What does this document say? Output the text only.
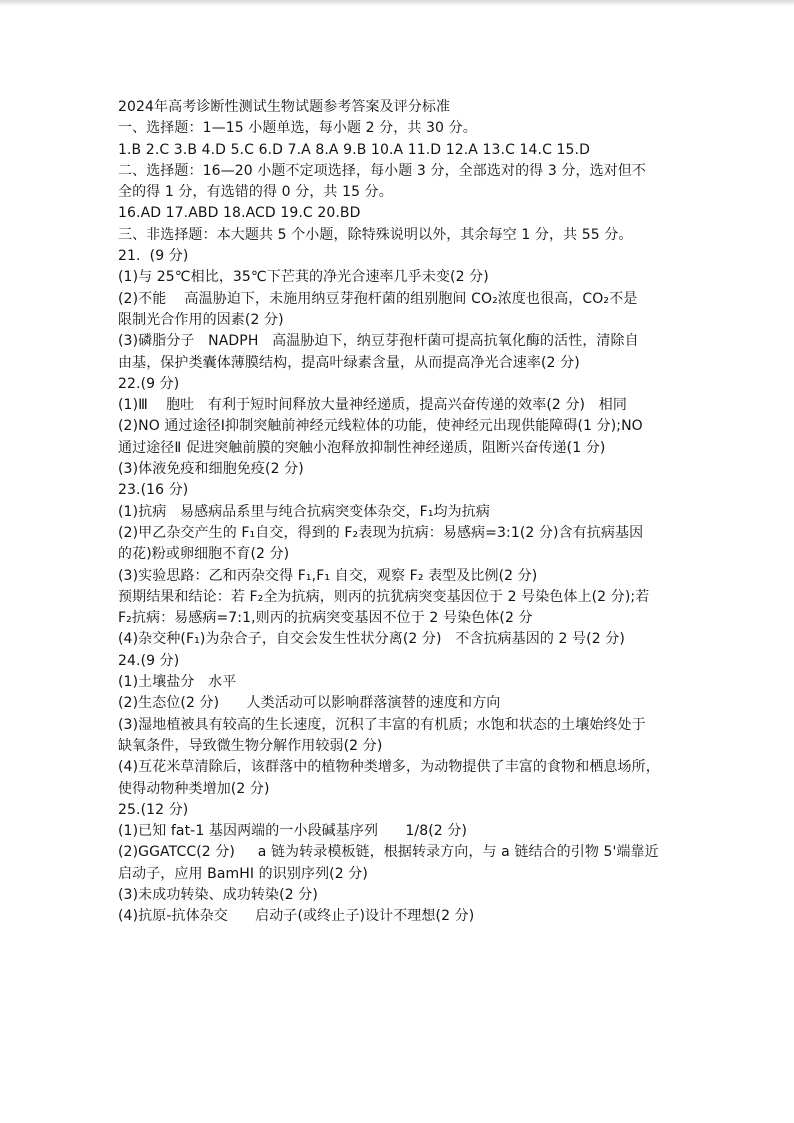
2024年高考诊断性测试生物试题参考答案及评分标准
一、选择题：1—15 小题单选，每小题 2 分，共 30 分。
1.B 2.C 3.B 4.D 5.C 6.D 7.A 8.A 9.B 10.A 11.D 12.A 13.C 14.C 15.D
二、选择题：16—20 小题不定项选择，每小题 3 分，全部选对的得 3 分，选对但不
全的得 1 分，有选错的得 0 分，共 15 分。
16.AD 17.ABD 18.ACD 19.C 20.BD
三、非选择题：本大题共 5 个小题，除特殊说明以外，其余每空 1 分，共 55 分。
21.  (9 分)
(1)与 25℃相比，35℃下芒萁的净光合速率几乎未变(2 分)
(2)不能    高温胁迫下，未施用纳豆芽孢杆菌的组别胞间 CO₂浓度也很高，CO₂不是
限制光合作用的因素(2 分)
(3)磷脂分子   NADPH   高温胁迫下，纳豆芽孢杆菌可提高抗氧化酶的活性，清除自
由基，保护类囊体薄膜结构，提高叶绿素含量，从而提高净光合速率(2 分)
22.(9 分)
(1)Ⅲ    胞吐   有利于短时间释放大量神经递质，提高兴奋传递的效率(2 分)   相同
(2)NO 通过途径Ⅰ抑制突触前神经元线粒体的功能，使神经元出现供能障碍(1 分);NO
通过途径Ⅱ 促进突触前膜的突触小泡释放抑制性神经递质，阻断兴奋传递(1 分)
(3)体液免疫和细胞免疫(2 分)
23.(16 分)
(1)抗病   易感病品系里与纯合抗病突变体杂交，F₁均为抗病
(2)甲乙杂交产生的 F₁自交，得到的 F₂表现为抗病：易感病=3:1(2 分)含有抗病基因
的花)粉或卵细胞不育(2 分)
(3)实验思路：乙和丙杂交得 F₁,F₁ 自交，观察 F₂ 表型及比例(2 分)
预期结果和结论：若 F₂全为抗病，则丙的抗犹病突变基因位于 2 号染色体上(2 分);若
F₂抗病：易感病=7:1,则丙的抗病突变基因不位于 2 号染色体(2 分
(4)杂交种(F₁)为杂合子，自交会发生性状分离(2 分)   不含抗病基因的 2 号(2 分)
24.(9 分)
(1)土壤盐分   水平
(2)生态位(2 分)      人类活动可以影响群落演替的速度和方向
(3)湿地植被具有较高的生长速度，沉积了丰富的有机质；水饱和状态的土壤始终处于
缺氧条件，导致微生物分解作用较弱(2 分)
(4)互花米草清除后，该群落中的植物种类增多，为动物提供了丰富的食物和栖息场所，
使得动物种类增加(2 分)
25.(12 分)
(1)已知 fat-1 基因两端的一小段碱基序列      1/8(2 分)
(2)GGATCC(2 分)     a 链为转录模板链，根据转录方向，与 a 链结合的引物 5'端靠近
启动子，应用 BamHI 的识别序列(2 分)
(3)未成功转染、成功转染(2 分)
(4)抗原-抗体杂交      启动子(或终止子)设计不理想(2 分)
